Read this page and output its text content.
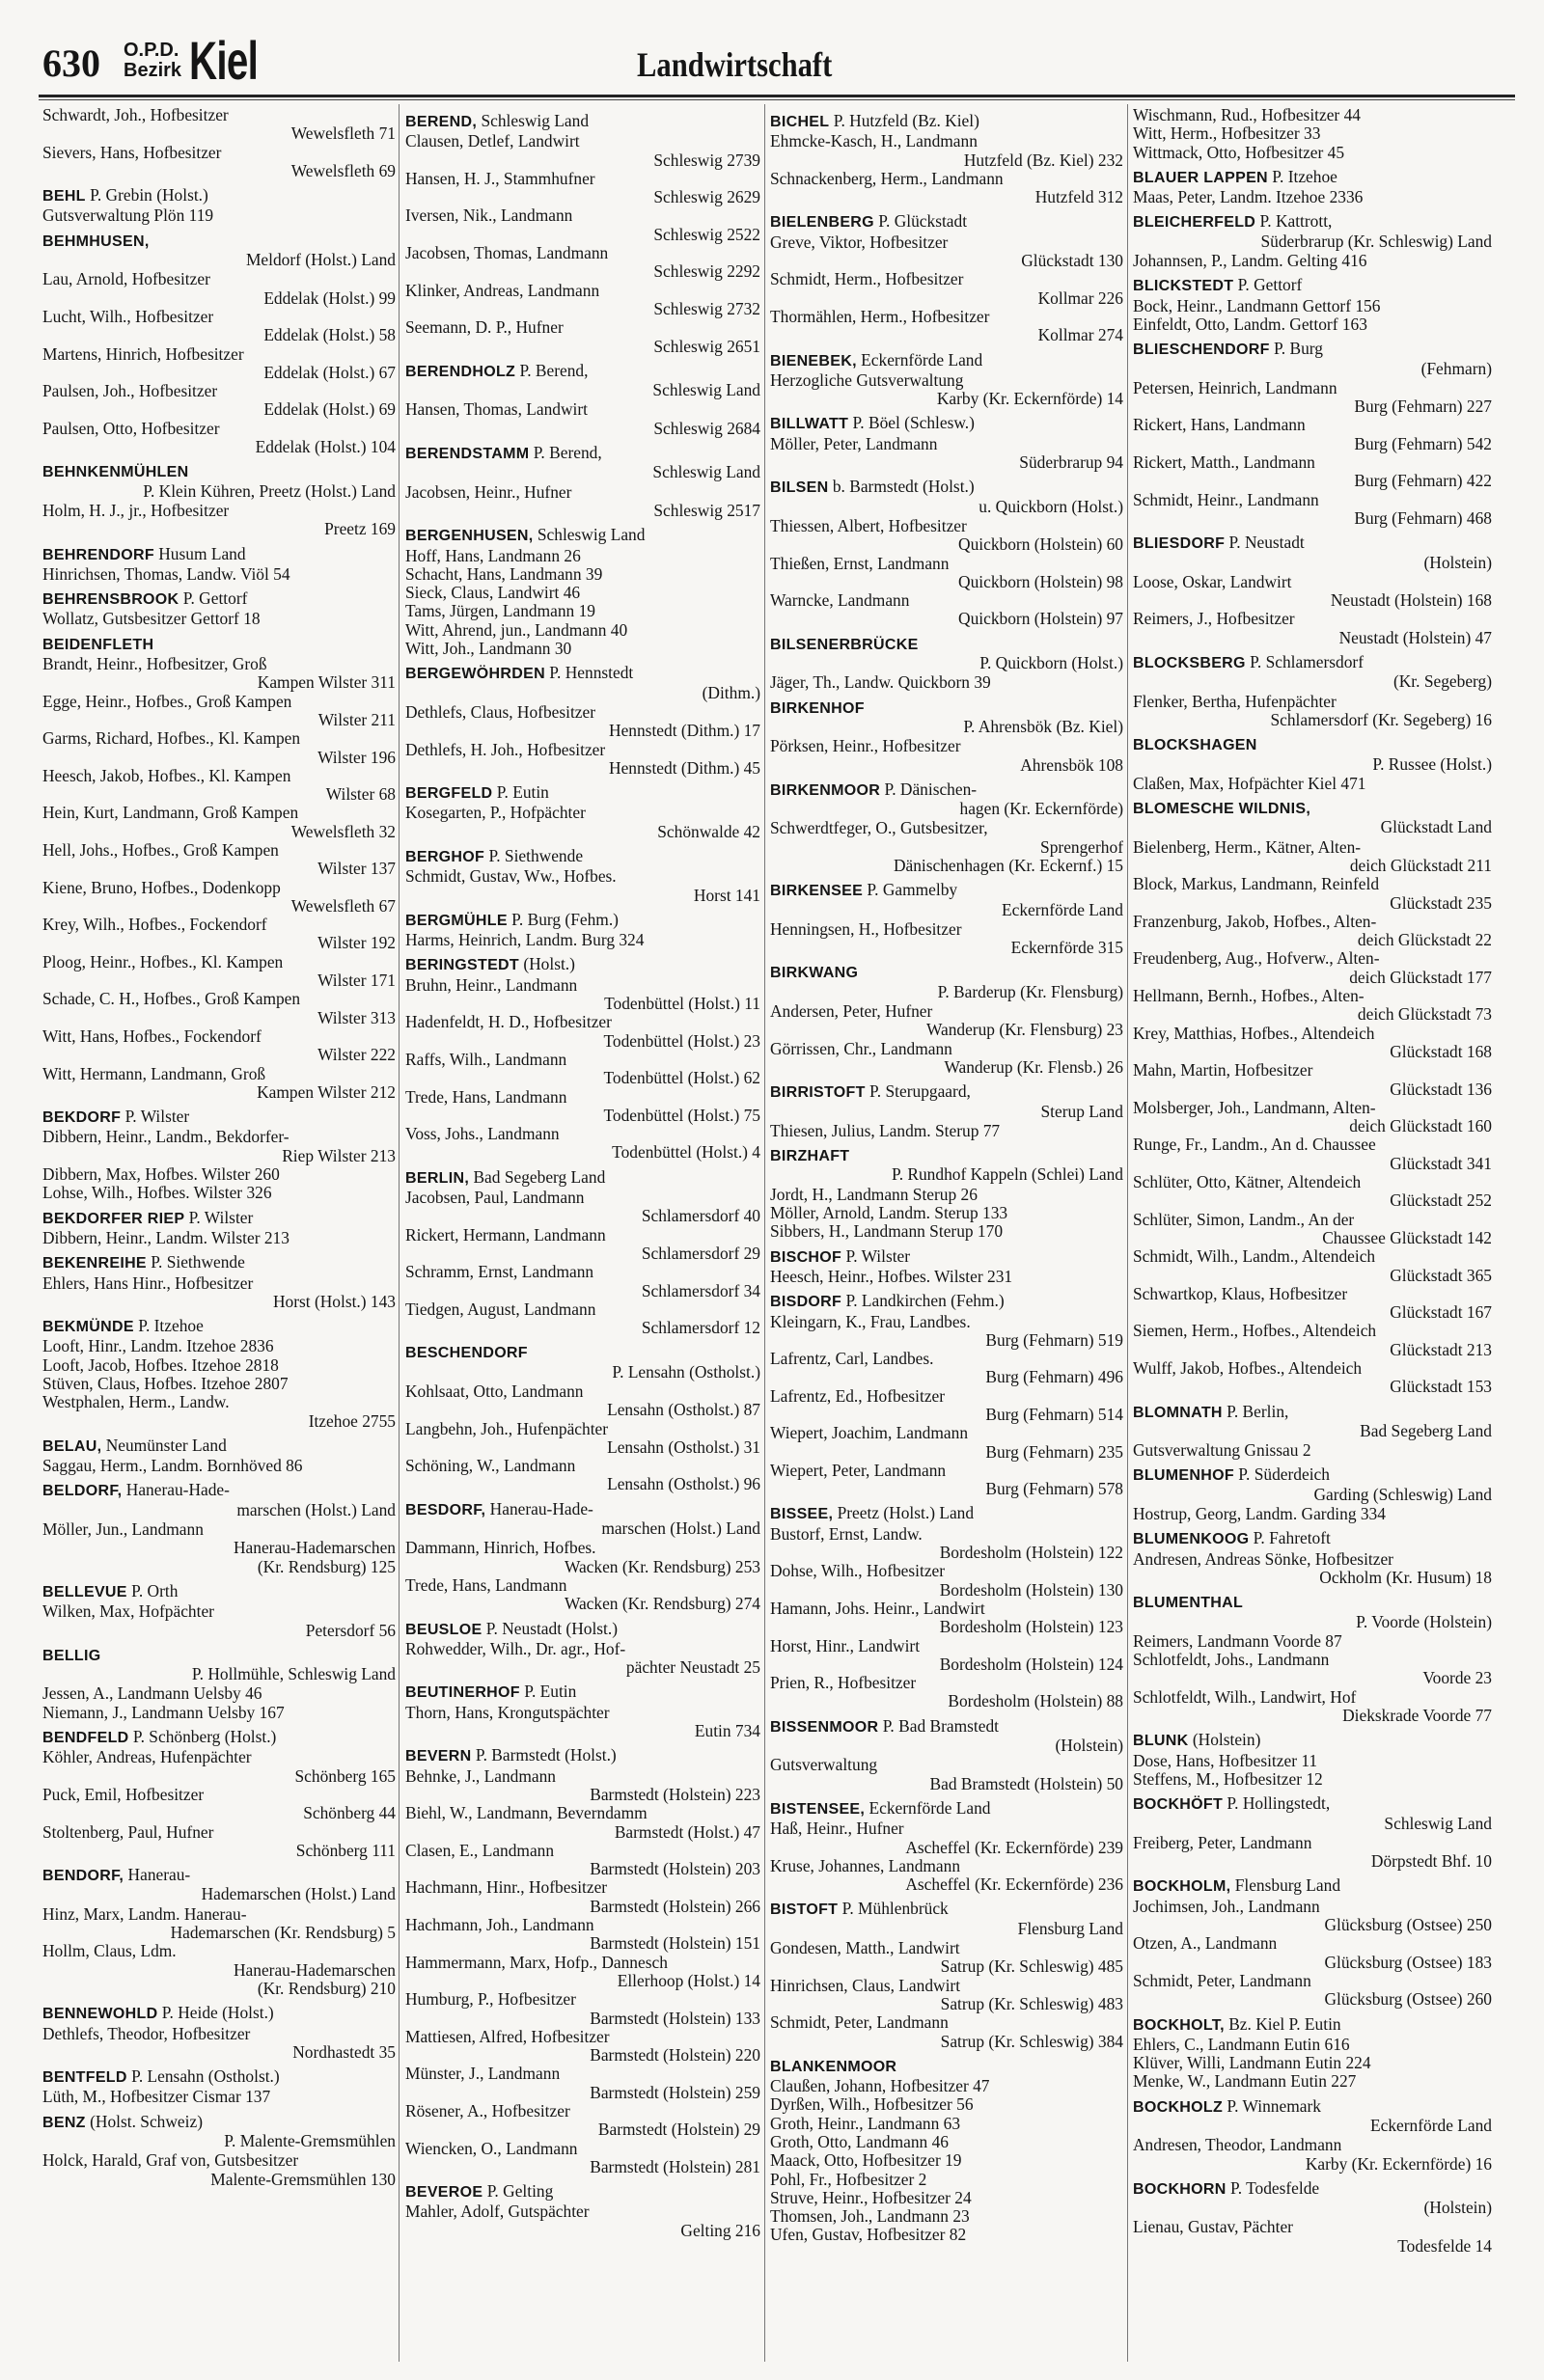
630 O.P.D.
Bezirk Kiel	Landwirtschaft
Schwardt, Joh., Hofbesitzer
Wewelsfleth 71
Sievers, Hans, Hofbesitzer
Wewelsfleth 69
BEHL P. Grebin (Holst.)
Gutsverwaltung Plön 119
BEHMHUSEN,
Meldorf (Holst.) Land
Lau, Arnold, Hofbesitzer
Eddelak (Holst.) 99
Lucht, Wilh., Hofbesitzer
Eddelak (Holst.) 58
Martens, Hinrich, Hofbesitzer
Eddelak (Holst.) 67
Paulsen, Joh., Hofbesitzer
Eddelak (Holst.) 69
Paulsen, Otto, Hofbesitzer
Eddelak (Holst.) 104
BEHNKENMÜHLEN
P. Klein Kühren, Preetz (Holst.) Land
Holm, H. J., jr., Hofbesitzer
Preetz 169
BEHRENDORF Husum Land
Hinrichsen, Thomas, Landw. Viöl 54
BEHRENSBROOK P. Gettorf
Wollatz, Gutsbesitzer Gettorf 18
BEIDENFLETH
Brandt, Heinr., Hofbesitzer, Groß
Kampen Wilster 311
Egge, Heinr., Hofbes., Groß Kampen
Wilster 211
Garms, Richard, Hofbes., Kl. Kampen
Wilster 196
Heesch, Jakob, Hofbes., Kl. Kampen
Wilster 68
Hein, Kurt, Landmann, Groß Kampen
Wewelsfleth 32
Hell, Johs., Hofbes., Groß Kampen
Wilster 137
Kiene, Bruno, Hofbes., Dodenkopp
Wewelsfleth 67
Krey, Wilh., Hofbes., Fockendorf
Wilster 192
Ploog, Heinr., Hofbes., Kl. Kampen
Wilster 171
Schade, C. H., Hofbes., Groß Kampen
Wilster 313
Witt, Hans, Hofbes., Fockendorf
Wilster 222
Witt, Hermann, Landmann, Groß
Kampen Wilster 212
BEKDORF P. Wilster
Dibbern, Heinr., Landm., Bekdorfer-
Riep Wilster 213
Dibbern, Max, Hofbes. Wilster 260
Lohse, Wilh., Hofbes. Wilster 326
BEKDORFER RIEP P. Wilster
Dibbern, Heinr., Landm. Wilster 213
BEKENREIHE P. Siethwende
Ehlers, Hans Hinr., Hofbesitzer
Horst (Holst.) 143
BEKMÜNDE P. Itzehoe
Looft, Hinr., Landm. Itzehoe 2836
Looft, Jacob, Hofbes. Itzehoe 2818
Stüven, Claus, Hofbes. Itzehoe 2807
Westphalen, Herm., Landw.
Itzehoe 2755
BELAU, Neumünster Land
Saggau, Herm., Landm. Bornhöved 86
BELDORF, Hanerau-Hade-
marschen (Holst.) Land
Möller, Jun., Landmann
Hanerau-Hademarschen
(Kr. Rendsburg) 125
BELLEVUE P. Orth
Wilken, Max, Hofpächter
Petersdorf 56
BELLIG
P. Hollmühle, Schleswig Land
Jessen, A., Landmann Uelsby 46
Niemann, J., Landmann Uelsby 167
BENDFELD P. Schönberg (Holst.)
Köhler, Andreas, Hufenpächter
Schönberg 165
Puck, Emil, Hofbesitzer
Schönberg 44
Stoltenberg, Paul, Hufner
Schönberg 111
BENDORF, Hanerau-
Hademarschen (Holst.) Land
Hinz, Marx, Landm. Hanerau-
Hademarschen (Kr. Rendsburg) 5
Hollm, Claus, Ldm.
Hanerau-Hademarschen
(Kr. Rendsburg) 210
BENNEWOHLD P. Heide (Holst.)
Dethlefs, Theodor, Hofbesitzer
Nordhastedt 35
BENTFELD P. Lensahn (Ostholst.)
Lüth, M., Hofbesitzer Cismar 137
BENZ (Holst. Schweiz)
P. Malente-Gremsmühlen
Holck, Harald, Graf von, Gutsbesitzer
Malente-Gremsmühlen 130
BEREND, Schleswig Land
Clausen, Detlef, Landwirt
Schleswig 2739
Hansen, H. J., Stammhufner
Schleswig 2629
Iversen, Nik., Landmann
Schleswig 2522
Jacobsen, Thomas, Landmann
Schleswig 2292
Klinker, Andreas, Landmann
Schleswig 2732
Seemann, D. P., Hufner
Schleswig 2651
BERENDHOLZ P. Berend,
Schleswig Land
Hansen, Thomas, Landwirt
Schleswig 2684
BERENDSTAMM P. Berend,
Schleswig Land
Jacobsen, Heinr., Hufner
Schleswig 2517
BERGENHUSEN, Schleswig Land
Hoff, Hans, Landmann 26
Schacht, Hans, Landmann 39
Sieck, Claus, Landwirt 46
Tams, Jürgen, Landmann 19
Witt, Ahrend, jun., Landmann 40
Witt, Joh., Landmann 30
BERGEWÖHRDEN P. Hennstedt
(Dithm.)
Dethlefs, Claus, Hofbesitzer
Hennstedt (Dithm.) 17
Dethlefs, H. Joh., Hofbesitzer
Hennstedt (Dithm.) 45
BERGFELD P. Eutin
Kosegarten, P., Hofpächter
Schönwalde 42
BERGHOF P. Siethwende
Schmidt, Gustav, Ww., Hofbes.
Horst 141
BERGMÜHLE P. Burg (Fehm.)
Harms, Heinrich, Landm. Burg 324
BERINGSTEDT (Holst.)
Bruhn, Heinr., Landmann
Todenbüttel (Holst.) 11
Hadenfeldt, H. D., Hofbesitzer
Todenbüttel (Holst.) 23
Raffs, Wilh., Landmann
Todenbüttel (Holst.) 62
Trede, Hans, Landmann
Todenbüttel (Holst.) 75
Voss, Johs., Landmann
Todenbüttel (Holst.) 4
BERLIN, Bad Segeberg Land
Jacobsen, Paul, Landmann
Schlamersdorf 40
Rickert, Hermann, Landmann
Schlamersdorf 29
Schramm, Ernst, Landmann
Schlamersdorf 34
Tiedgen, August, Landmann
Schlamersdorf 12
BESCHENDORF
P. Lensahn (Ostholst.)
Kohlsaat, Otto, Landmann
Lensahn (Ostholst.) 87
Langbehn, Joh., Hufenpächter
Lensahn (Ostholst.) 31
Schöning, W., Landmann
Lensahn (Ostholst.) 96
BESDORF, Hanerau-Hade-
marschen (Holst.) Land
Dammann, Hinrich, Hofbes.
Wacken (Kr. Rendsburg) 253
Trede, Hans, Landmann
Wacken (Kr. Rendsburg) 274
BEUSLOE P. Neustadt (Holst.)
Rohwedder, Wilh., Dr. agr., Hof-
pächter Neustadt 25
BEUTINERHOF P. Eutin
Thorn, Hans, Krongutspächter
Eutin 734
BEVERN P. Barmstedt (Holst.)
Behnke, J., Landmann
Barmstedt (Holstein) 223
Biehl, W., Landmann, Beverndamm
Barmstedt (Holst.) 47
Clasen, E., Landmann
Barmstedt (Holstein) 203
Hachmann, Hinr., Hofbesitzer
Barmstedt (Holstein) 266
Hachmann, Joh., Landmann
Barmstedt (Holstein) 151
Hammermann, Marx, Hofp., Dannesch
Ellerhoop (Holst.) 14
Humburg, P., Hofbesitzer
Barmstedt (Holstein) 133
Mattiesen, Alfred, Hofbesitzer
Barmstedt (Holstein) 220
Münster, J., Landmann
Barmstedt (Holstein) 259
Rösener, A., Hofbesitzer
Barmstedt (Holstein) 29
Wiencken, O., Landmann
Barmstedt (Holstein) 281
BEVEROE P. Gelting
Mahler, Adolf, Gutspächter
Gelting 216
BICHEL P. Hutzfeld (Bz. Kiel)
Ehmcke-Kasch, H., Landmann
Hutzfeld (Bz. Kiel) 232
Schnackenberg, Herm., Landmann
Hutzfeld 312
BIELENBERG P. Glückstadt
Greve, Viktor, Hofbesitzer
Glückstadt 130
Schmidt, Herm., Hofbesitzer
Kollmar 226
Thormählen, Herm., Hofbesitzer
Kollmar 274
BIENEBEK, Eckernförde Land
Herzogliche Gutsverwaltung
Karby (Kr. Eckernförde) 14
BILLWATT P. Böel (Schlesw.)
Möller, Peter, Landmann
Süderbrarup 94
BILSEN b. Barmstedt (Holst.)
u. Quickborn (Holst.)
Thiessen, Albert, Hofbesitzer
Quickborn (Holstein) 60
Thießen, Ernst, Landmann
Quickborn (Holstein) 98
Warncke, Landmann
Quickborn (Holstein) 97
BILSENERBRÜCKE
P. Quickborn (Holst.)
Jäger, Th., Landw. Quickborn 39
BIRKENHOF
P. Ahrensbök (Bz. Kiel)
Pörksen, Heinr., Hofbesitzer
Ahrensbök 108
BIRKENMOOR P. Dänischen-
hagen (Kr. Eckernförde)
Schwerdtfeger, O., Gutsbesitzer,
Sprengerhof
Dänischenhagen (Kr. Eckernf.) 15
BIRKENSEE P. Gammelby
Eckernförde Land
Henningsen, H., Hofbesitzer
Eckernförde 315
BIRKWANG
P. Barderup (Kr. Flensburg)
Andersen, Peter, Hufner
Wanderup (Kr. Flensburg) 23
Görrissen, Chr., Landmann
Wanderup (Kr. Flensb.) 26
BIRRISTOFT P. Sterupgaard,
Sterup Land
Thiesen, Julius, Landm. Sterup 77
BIRZHAFT
P. Rundhof Kappeln (Schlei) Land
Jordt, H., Landmann Sterup 26
Möller, Arnold, Landm. Sterup 133
Sibbers, H., Landmann Sterup 170
BISCHOF P. Wilster
Heesch, Heinr., Hofbes. Wilster 231
BISDORF P. Landkirchen (Fehm.)
Kleingarn, K., Frau, Landbes.
Burg (Fehmarn) 519
Lafrentz, Carl, Landbes.
Burg (Fehmarn) 496
Lafrentz, Ed., Hofbesitzer
Burg (Fehmarn) 514
Wiepert, Joachim, Landmann
Burg (Fehmarn) 235
Wiepert, Peter, Landmann
Burg (Fehmarn) 578
BISSEE, Preetz (Holst.) Land
Bustorf, Ernst, Landw.
Bordesholm (Holstein) 122
Dohse, Wilh., Hofbesitzer
Bordesholm (Holstein) 130
Hamann, Johs. Heinr., Landwirt
Bordesholm (Holstein) 123
Horst, Hinr., Landwirt
Bordesholm (Holstein) 124
Prien, R., Hofbesitzer
Bordesholm (Holstein) 88
BISSENMOOR P. Bad Bramstedt
(Holstein)
Gutsverwaltung
Bad Bramstedt (Holstein) 50
BISTENSEE, Eckernförde Land
Haß, Heinr., Hufner
Ascheffel (Kr. Eckernförde) 239
Kruse, Johannes, Landmann
Ascheffel (Kr. Eckernförde) 236
BISTOFT P. Mühlenbrück
Flensburg Land
Gondesen, Matth., Landwirt
Satrup (Kr. Schleswig) 485
Hinrichsen, Claus, Landwirt
Satrup (Kr. Schleswig) 483
Schmidt, Peter, Landmann
Satrup (Kr. Schleswig) 384
BLANKENMOOR
Claußen, Johann, Hofbesitzer 47
Dyrßen, Wilh., Hofbesitzer 56
Groth, Heinr., Landmann 63
Groth, Otto, Landmann 46
Maack, Otto, Hofbesitzer 19
Pohl, Fr., Hofbesitzer 2
Struve, Heinr., Hofbesitzer 24
Thomsen, Joh., Landmann 23
Ufen, Gustav, Hofbesitzer 82
Wischmann, Rud., Hofbesitzer 44
Witt, Herm., Hofbesitzer 33
Wittmack, Otto, Hofbesitzer 45
BLAUER LAPPEN P. Itzehoe
Maas, Peter, Landm. Itzehoe 2336
BLEICHERFELD P. Kattrott,
Süderbrarup (Kr. Schleswig) Land
Johannsen, P., Landm. Gelting 416
BLICKSTEDT P. Gettorf
Bock, Heinr., Landmann Gettorf 156
Einfeldt, Otto, Landm. Gettorf 163
BLIESCHENDORF P. Burg
(Fehmarn)
Petersen, Heinrich, Landmann
Burg (Fehmarn) 227
Rickert, Hans, Landmann
Burg (Fehmarn) 542
Rickert, Matth., Landmann
Burg (Fehmarn) 422
Schmidt, Heinr., Landmann
Burg (Fehmarn) 468
BLIESDORF P. Neustadt
(Holstein)
Loose, Oskar, Landwirt
Neustadt (Holstein) 168
Reimers, J., Hofbesitzer
Neustadt (Holstein) 47
BLOCKSBERG P. Schlamersdorf
(Kr. Segeberg)
Flenker, Bertha, Hufenpächter
Schlamersdorf (Kr. Segeberg) 16
BLOCKSHAGEN
P. Russee (Holst.)
Claßen, Max, Hofpächter Kiel 471
BLOMESCHE WILDNIS,
Glückstadt Land
Bielenberg, Herm., Kätner, Alten-
deich Glückstadt 211
Block, Markus, Landmann, Reinfeld
Glückstadt 235
Franzenburg, Jakob, Hofbes., Alten-
deich Glückstadt 22
Freudenberg, Aug., Hofverw., Alten-
deich Glückstadt 177
Hellmann, Bernh., Hofbes., Alten-
deich Glückstadt 73
Krey, Matthias, Hofbes., Altendeich
Glückstadt 168
Mahn, Martin, Hofbesitzer
Glückstadt 136
Molsberger, Joh., Landmann, Alten-
deich Glückstadt 160
Runge, Fr., Landm., An d. Chaussee
Glückstadt 341
Schlüter, Otto, Kätner, Altendeich
Glückstadt 252
Schlüter, Simon, Landm., An der
Chaussee Glückstadt 142
Schmidt, Wilh., Landm., Altendeich
Glückstadt 365
Schwartkop, Klaus, Hofbesitzer
Glückstadt 167
Siemen, Herm., Hofbes., Altendeich
Glückstadt 213
Wulff, Jakob, Hofbes., Altendeich
Glückstadt 153
BLOMNATH P. Berlin,
Bad Segeberg Land
Gutsverwaltung Gnissau 2
BLUMENHOF P. Süderdeich
Garding (Schleswig) Land
Hostrup, Georg, Landm. Garding 334
BLUMENKOOG P. Fahretoft
Andresen, Andreas Sönke, Hofbesitzer
Ockholm (Kr. Husum) 18
BLUMENTHAL
P. Voorde (Holstein)
Reimers, Landmann Voorde 87
Schlotfeldt, Johs., Landmann
Voorde 23
Schlotfeldt, Wilh., Landwirt, Hof
Diekskrade Voorde 77
BLUNK (Holstein)
Dose, Hans, Hofbesitzer 11
Steffens, M., Hofbesitzer 12
BOCKHÖFT P. Hollingstedt,
Schleswig Land
Freiberg, Peter, Landmann
Dörpstedt Bhf. 10
BOCKHOLM, Flensburg Land
Jochimsen, Joh., Landmann
Glücksburg (Ostsee) 250
Otzen, A., Landmann
Glücksburg (Ostsee) 183
Schmidt, Peter, Landmann
Glücksburg (Ostsee) 260
BOCKHOLT, Bz. Kiel P. Eutin
Ehlers, C., Landmann Eutin 616
Klüver, Willi, Landmann Eutin 224
Menke, W., Landmann Eutin 227
BOCKHOLZ P. Winnemark
Eckernförde Land
Andresen, Theodor, Landmann
Karby (Kr. Eckernförde) 16
BOCKHORN P. Todesfelde
(Holstein)
Lienau, Gustav, Pächter
Todesfelde 14
